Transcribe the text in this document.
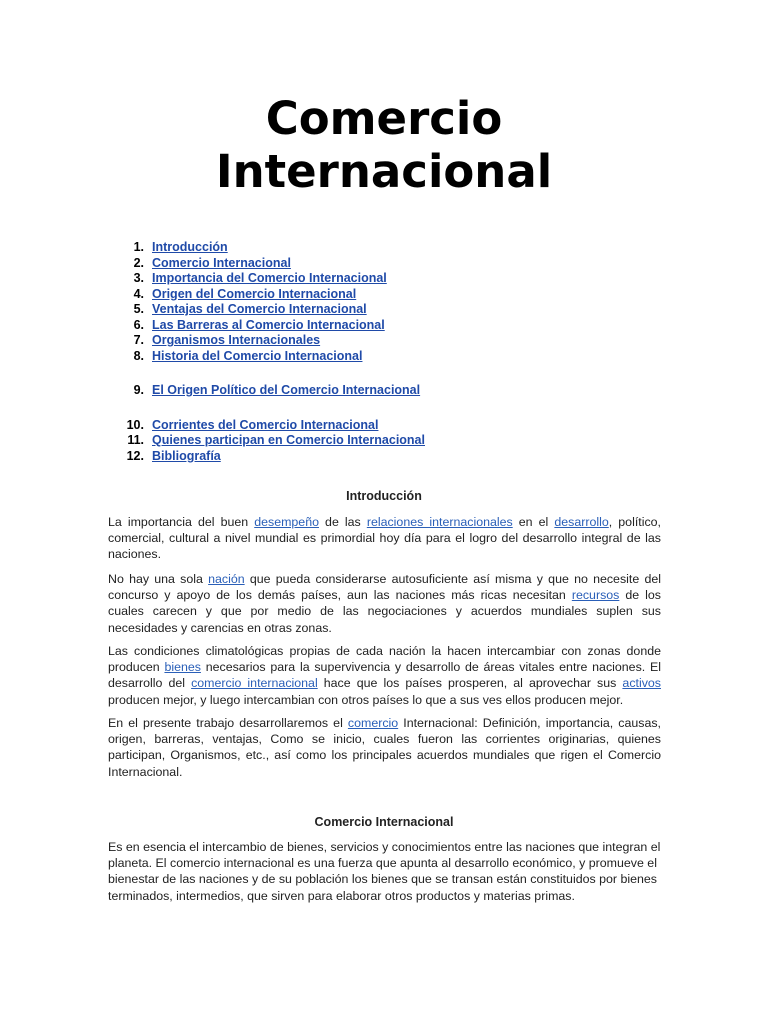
Comercio
Internacional
1. Introducción
2. Comercio Internacional
3. Importancia del Comercio Internacional
4. Origen del Comercio Internacional
5. Ventajas del Comercio Internacional
6. Las Barreras al Comercio Internacional
7. Organismos Internacionales
8. Historia del Comercio Internacional
9. El Origen Político del Comercio Internacional
10. Corrientes del Comercio Internacional
11. Quienes participan en Comercio Internacional
12. Bibliografía
Introducción

La importancia del buen desempeño de las relaciones internacionales en el desarrollo, político, comercial, cultural a nivel mundial es primordial hoy día para el logro del desarrollo integral de las naciones.

No hay una sola nación que pueda considerarse autosuficiente así misma y que no necesite del concurso y apoyo de los demás países, aun las naciones más ricas necesitan recursos de los cuales carecen y que por medio de las negociaciones y acuerdos mundiales suplen sus necesidades y carencias en otras zonas.

Las condiciones climatológicas propias de cada nación la hacen intercambiar con zonas donde producen bienes necesarios para la supervivencia y desarrollo de áreas vitales entre naciones. El desarrollo del comercio internacional hace que los países prosperen, al aprovechar sus activos producen mejor, y luego intercambian con otros países lo que a sus ves ellos producen mejor.

En el presente trabajo desarrollaremos el comercio Internacional: Definición, importancia, causas, origen, barreras, ventajas, Como se inicio, cuales fueron las corrientes originarias, quienes participan, Organismos, etc., así como los principales acuerdos mundiales que rigen el Comercio Internacional.

Comercio Internacional

Es en esencia el intercambio de bienes, servicios y conocimientos entre las naciones que integran el planeta. El comercio internacional es una fuerza que apunta al desarrollo económico, y promueve el bienestar de las naciones y de su población los bienes que se transan están constituidos por bienes terminados, intermedios, que sirven para elaborar otros productos y materias primas.
